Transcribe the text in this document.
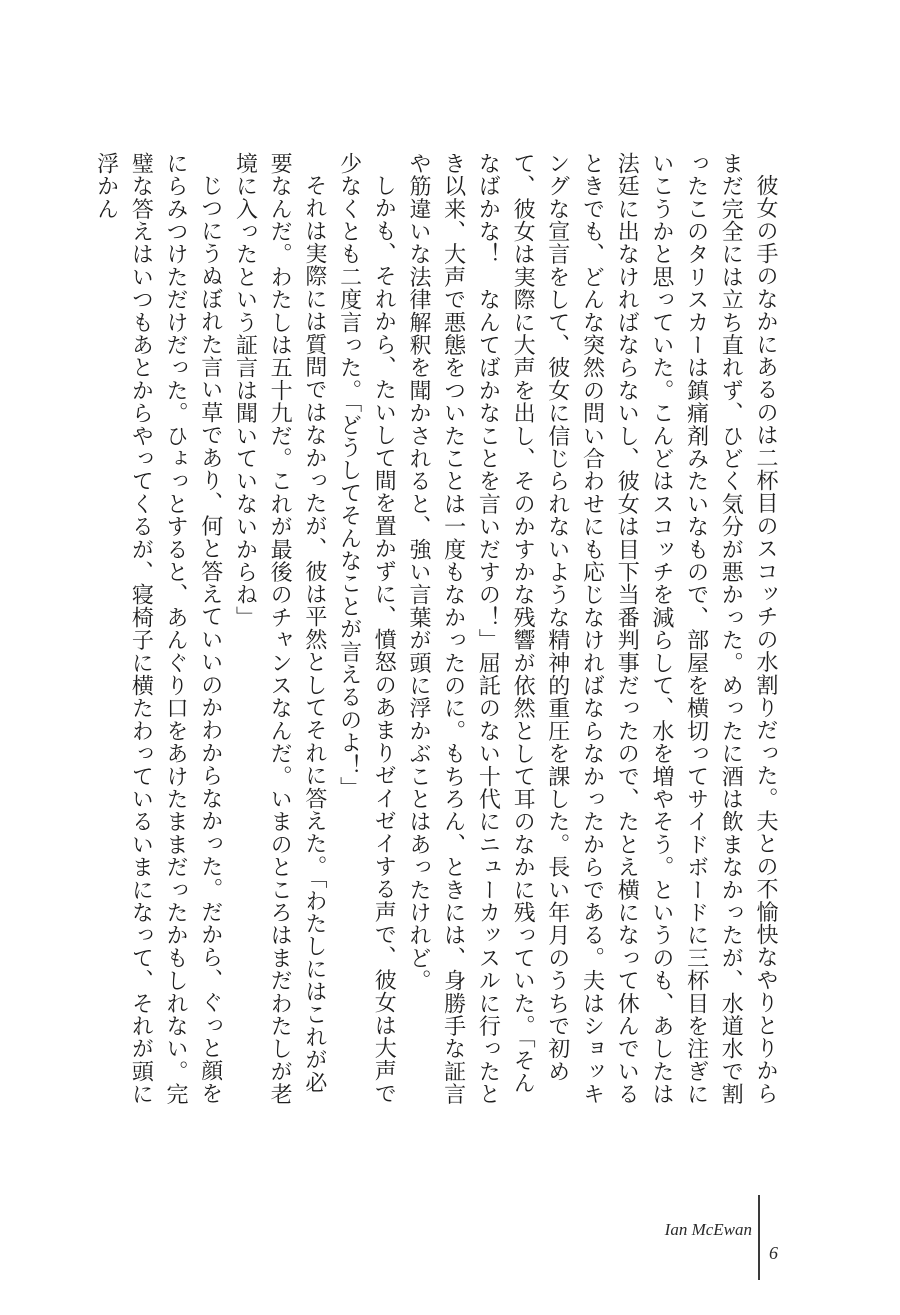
彼女の手のなかにあるのは二杯目のスコッチの水割りだった。夫との不愉快なやりとりからまだ完全には立ち直れず、ひどく気分が悪かった。めったに酒は飲まなかったが、水道水で割ったこのタリスカーは鎮痛剤みたいなもので、部屋を横切ってサイドボードに三杯目を注ぎにいこうかと思っていた。こんどはスコッチを減らして、水を増やそう。というのも、あしたは法廷に出なければならないし、彼女は目下当番判事だったので、たとえ横になって休んでいるときでも、どんな突然の問い合わせにも応じなければならなかったからである。夫はショッキングな宣言をして、彼女に信じられないような精神的重圧を課した。長い年月のうちで初めて、彼女は実際に大声を出し、そのかすかな残響が依然として耳のなかに残っていた。「そんなばかな！　なんてばかなことを言いだすの！」屈託のない十代にニューカッスルに行ったとき以来、大声で悪態をついたことは一度もなかったのに。もちろん、ときには、身勝手な証言や筋違いな法律解釈を聞かされると、強い言葉が頭に浮かぶことはあったけれど。

しかも、それから、たいして間を置かずに、憤怒のあまりゼイゼイする声で、彼女は大声で少なくとも二度言った。「どうしてそんなことが言えるのよ！」

それは実際には質問ではなかったが、彼は平然としてそれに答えた。「わたしにはこれが必要なんだ。わたしは五十九だ。これが最後のチャンスなんだ。いまのところはまだわたしが老境に入ったという証言は聞いていないからね」

じつにうぬぼれた言い草であり、何と答えていいのかわからなかった。だから、ぐっと顔をにらみつけただけだった。ひょっとすると、あんぐり口をあけたままだったかもしれない。完璧な答えはいつもあとからやってくるが、寝椅子に横たわっているいまになって、それが頭に浮かん

Ian McEwan
6
